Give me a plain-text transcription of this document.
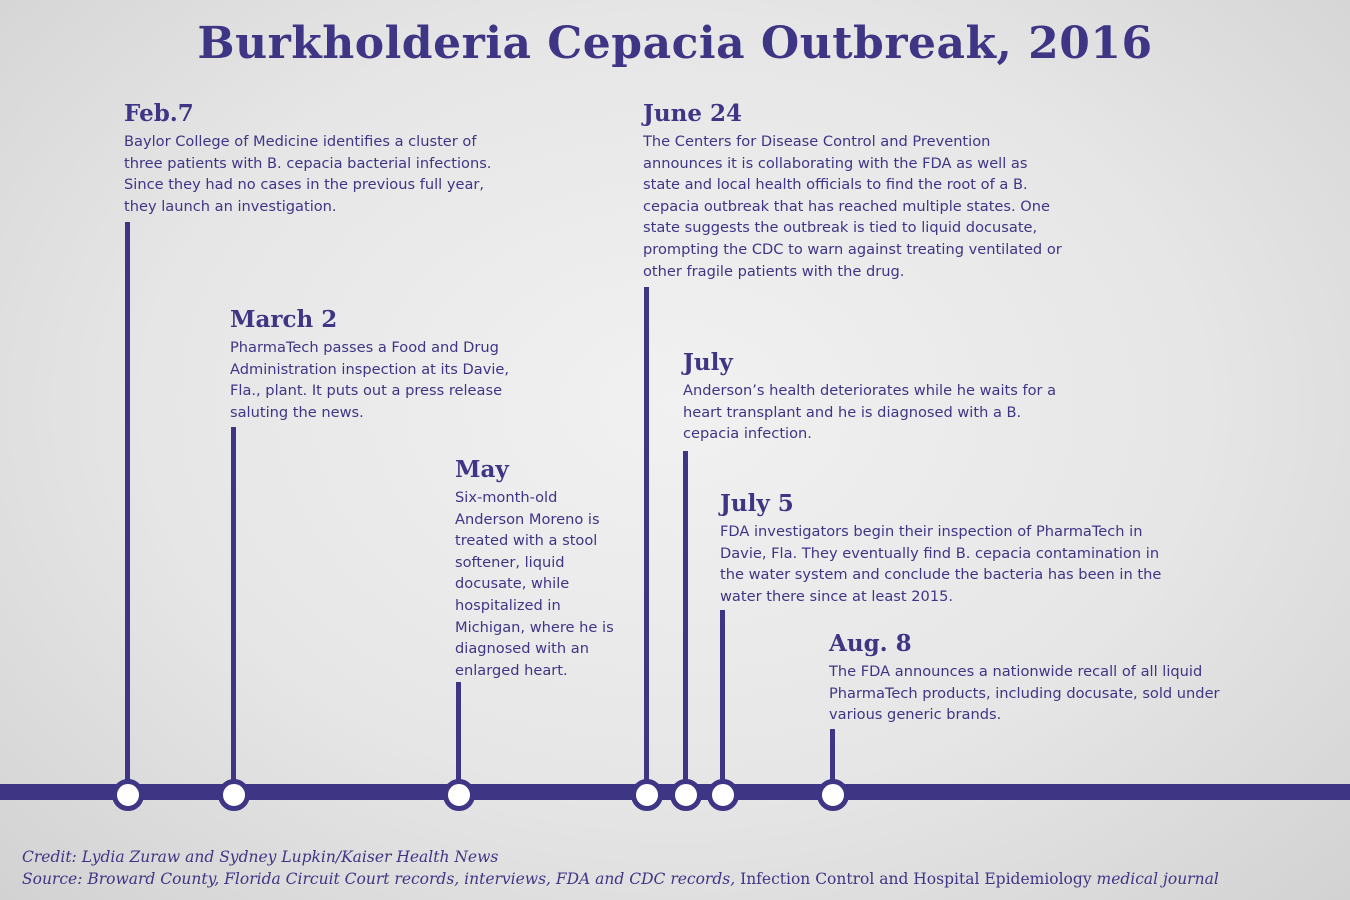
Burkholderia Cepacia Outbreak, 2016
Feb.7
Baylor College of Medicine identifies a cluster of three patients with B. cepacia bacterial infections. Since they had no cases in the previous full year, they launch an investigation.
March 2
PharmaTech passes a Food and Drug Administration inspection at its Davie, Fla., plant. It puts out a press release saluting the news.
May
Six-month-old Anderson Moreno is treated with a stool softener, liquid docusate, while hospitalized in Michigan, where he is diagnosed with an enlarged heart.
June 24
The Centers for Disease Control and Prevention announces it is collaborating with the FDA as well as state and local health officials to find the root of a B. cepacia outbreak that has reached multiple states. One state suggests the outbreak is tied to liquid docusate, prompting the CDC to warn against treating ventilated or other fragile patients with the drug.
July
Anderson’s health deteriorates while he waits for a heart transplant and he is diagnosed with a B. cepacia infection.
July 5
FDA investigators begin their inspection of PharmaTech in Davie, Fla. They eventually find B. cepacia contamination in the water system and conclude the bacteria has been in the water there since at least 2015.
Aug. 8
The FDA announces a nationwide recall of all liquid PharmaTech products, including docusate, sold under various generic brands.
Credit: Lydia Zuraw and Sydney Lupkin/Kaiser Health News
Source: Broward County, Florida Circuit Court records, interviews, FDA and CDC records, Infection Control and Hospital Epidemiology medical journal
